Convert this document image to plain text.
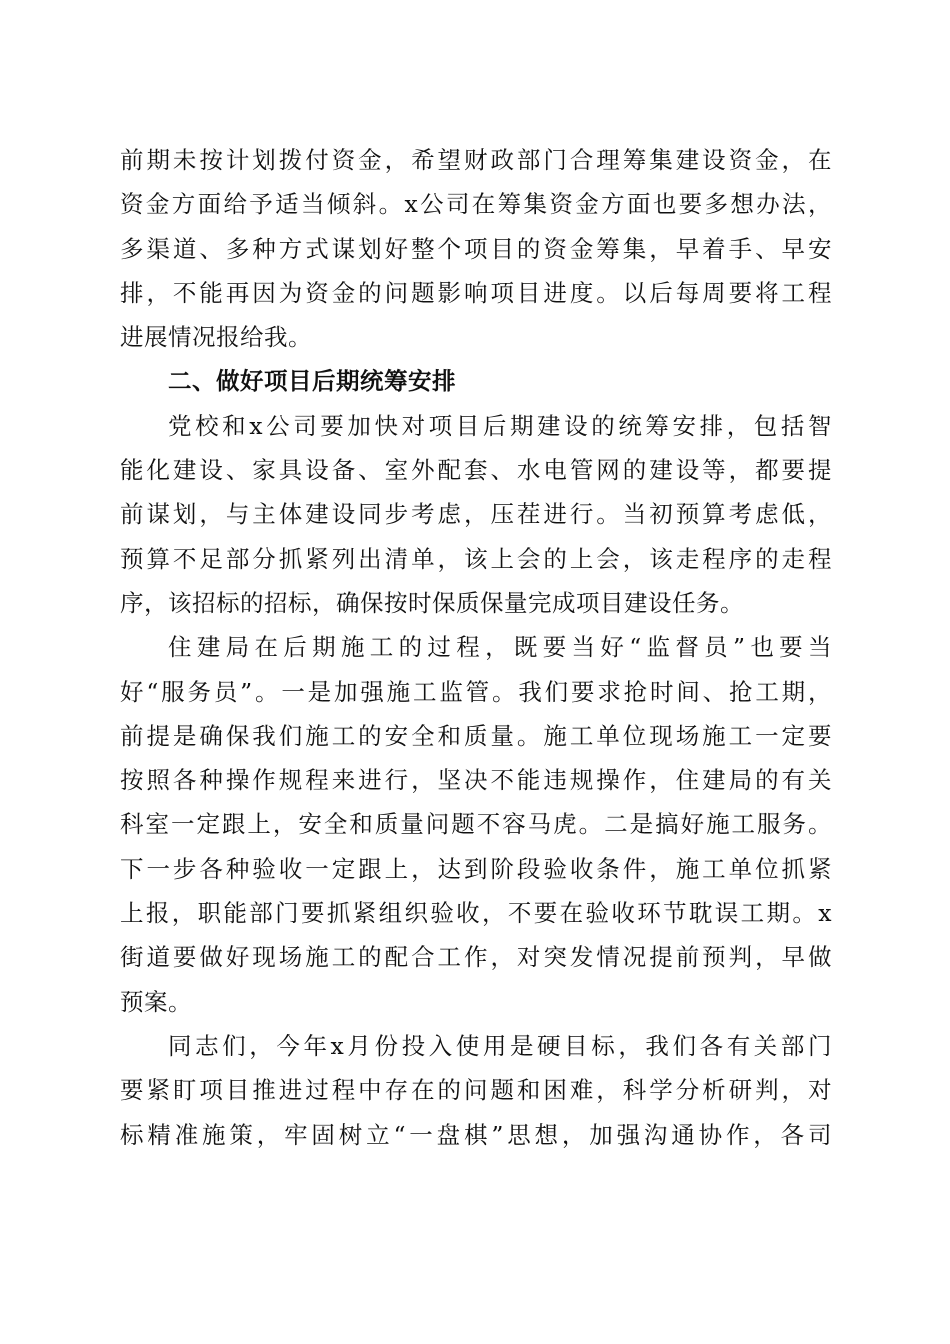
前期未按计划拨付资金，希望财政部门合理筹集建设资金，在
资金方面给予适当倾斜。x公司在筹集资金方面也要多想办法，
多渠道、多种方式谋划好整个项目的资金筹集，早着手、早安
排，不能再因为资金的问题影响项目进度。以后每周要将工程
进展情况报给我。
二、做好项目后期统筹安排
党校和x公司要加快对项目后期建设的统筹安排，包括智
能化建设、家具设备、室外配套、水电管网的建设等，都要提
前谋划，与主体建设同步考虑，压茬进行。当初预算考虑低，
预算不足部分抓紧列出清单，该上会的上会，该走程序的走程
序，该招标的招标，确保按时保质保量完成项目建设任务。
住建局在后期施工的过程，既要当好“监督员”也要当
好“服务员”。一是加强施工监管。我们要求抢时间、抢工期，
前提是确保我们施工的安全和质量。施工单位现场施工一定要
按照各种操作规程来进行，坚决不能违规操作，住建局的有关
科室一定跟上，安全和质量问题不容马虎。二是搞好施工服务。
下一步各种验收一定跟上，达到阶段验收条件，施工单位抓紧
上报，职能部门要抓紧组织验收，不要在验收环节耽误工期。x
街道要做好现场施工的配合工作，对突发情况提前预判，早做
预案。
同志们，今年x月份投入使用是硬目标，我们各有关部门
要紧盯项目推进过程中存在的问题和困难，科学分析研判，对
标精准施策，牢固树立“一盘棋”思想，加强沟通协作，各司
